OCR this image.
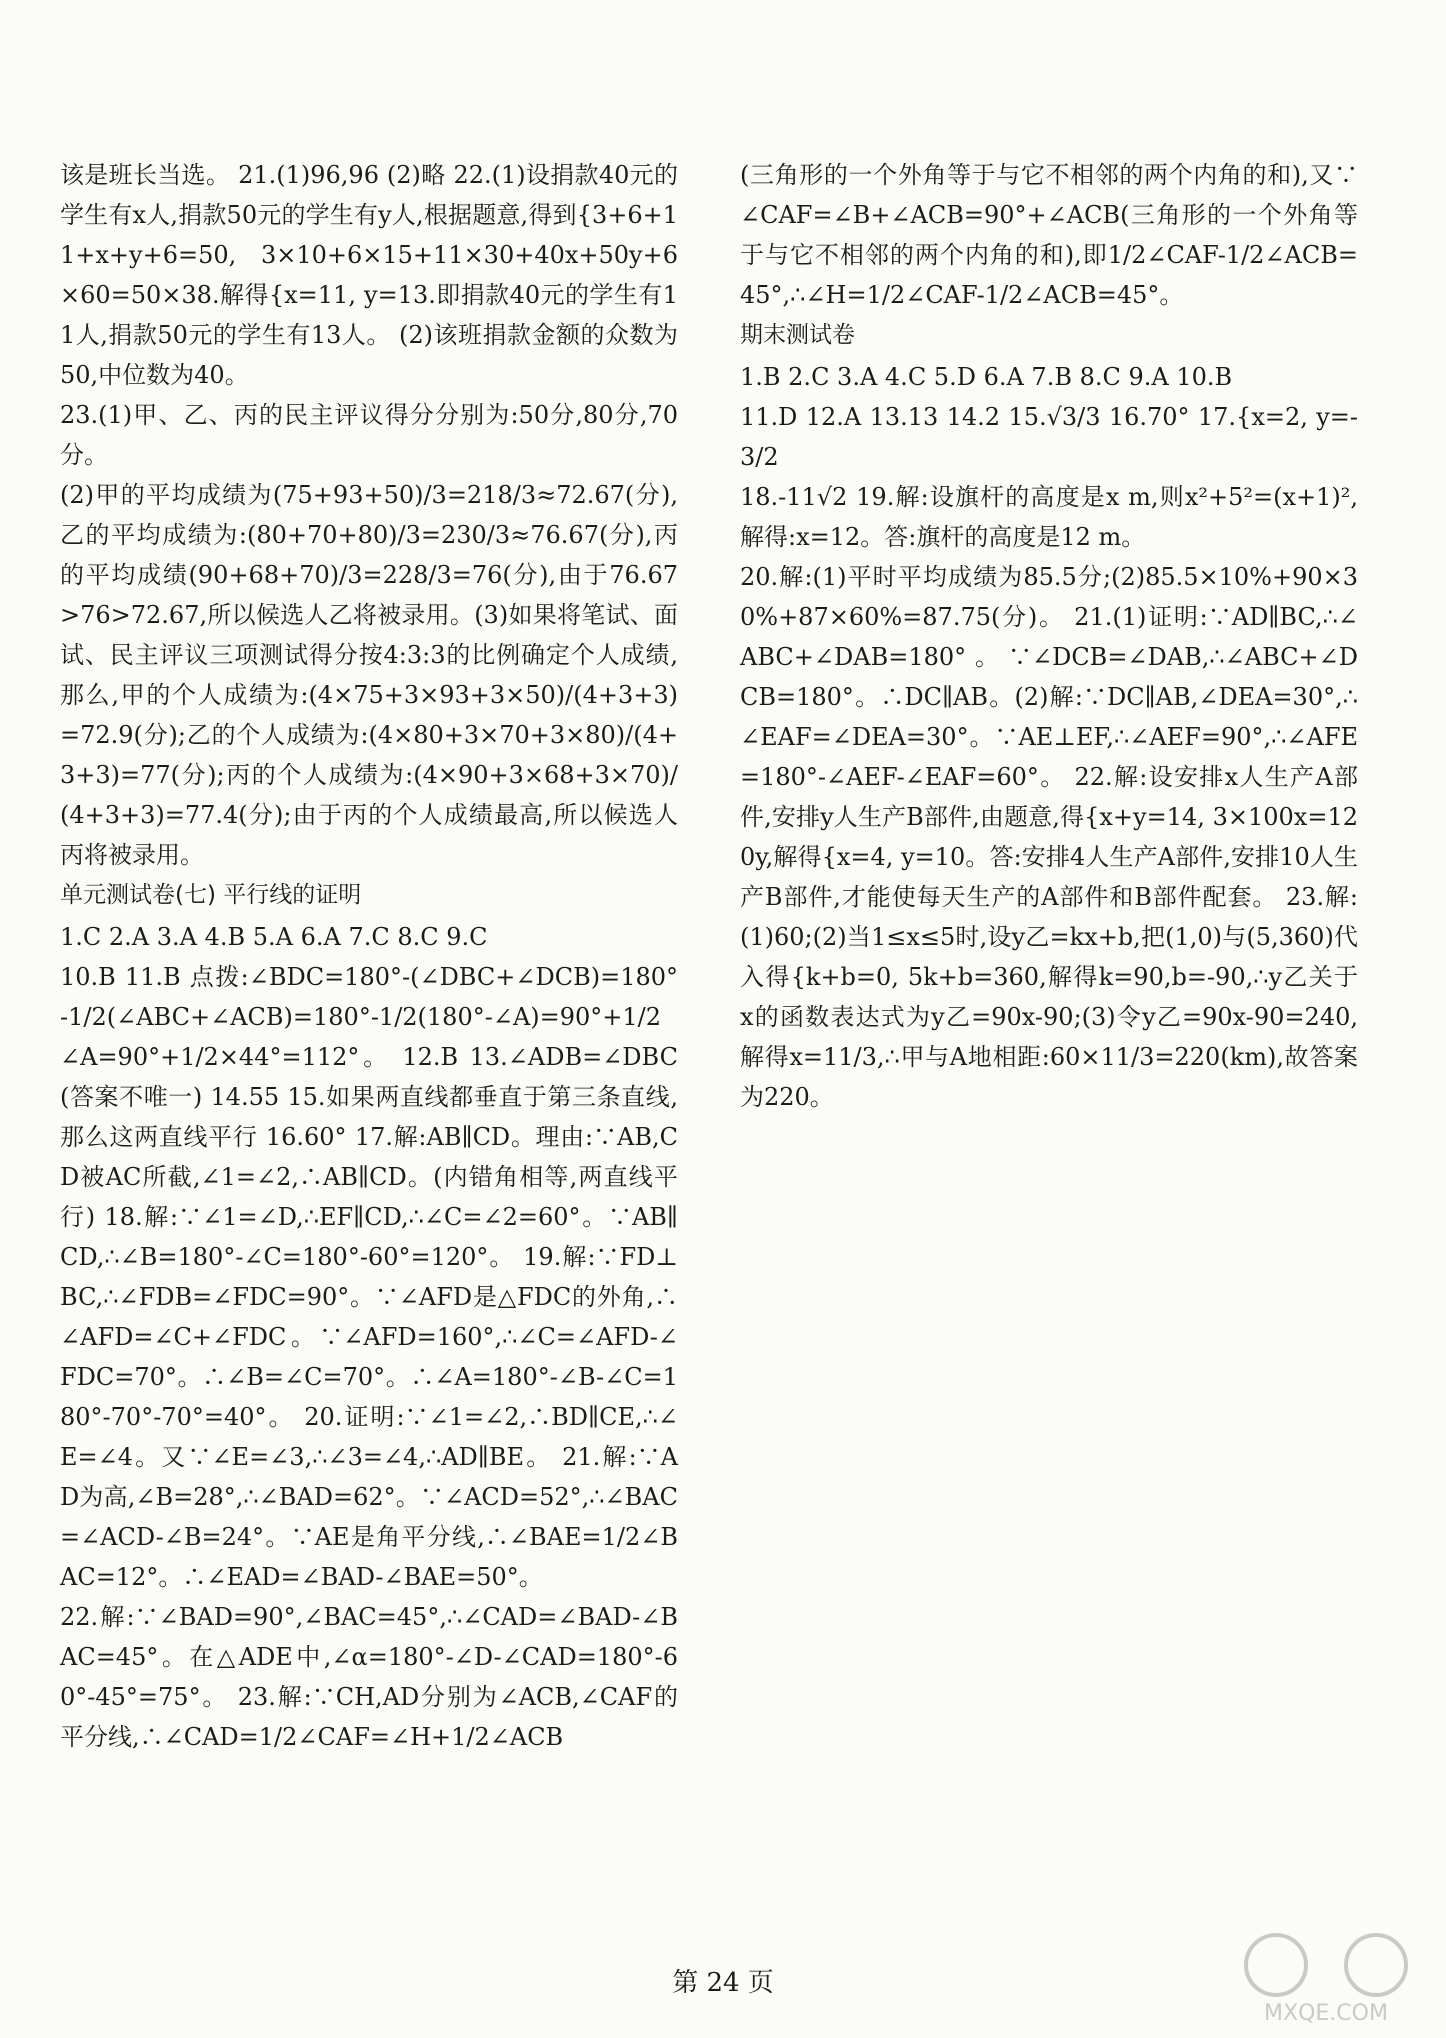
该是班长当选。 21.(1)96,96 (2)略 22.(1)设捐款40元的学生有x人,捐款50元的学生有y人,根据题意,得到{3+6+11+x+y+6=50, 3×10+6×15+11×30+40x+50y+6×60=50×38.解得{x=11, y=13.即捐款40元的学生有11人,捐款50元的学生有13人。 (2)该班捐款金额的众数为50,中位数为40。

23.(1)甲、乙、丙的民主评议得分分别为:50分,80分,70分。

(2)甲的平均成绩为(75+93+50)/3=218/3≈72.67(分),乙的平均成绩为:(80+70+80)/3=230/3≈76.67(分),丙的平均成绩(90+68+70)/3=228/3=76(分),由于76.67>76>72.67,所以候选人乙将被录用。(3)如果将笔试、面试、民主评议三项测试得分按4:3:3的比例确定个人成绩,那么,甲的个人成绩为:(4×75+3×93+3×50)/(4+3+3)=72.9(分);乙的个人成绩为:(4×80+3×70+3×80)/(4+3+3)=77(分);丙的个人成绩为:(4×90+3×68+3×70)/(4+3+3)=77.4(分);由于丙的个人成绩最高,所以候选人丙将被录用。

单元测试卷(七) 平行线的证明

1.C 2.A 3.A 4.B 5.A 6.A 7.C 8.C 9.C

10.B 11.B 点拨:∠BDC=180°-(∠DBC+∠DCB)=180°-1/2(∠ABC+∠ACB)=180°-1/2(180°-∠A)=90°+1/2∠A=90°+1/2×44°=112°。 12.B 13.∠ADB=∠DBC(答案不唯一) 14.55 15.如果两直线都垂直于第三条直线,那么这两直线平行 16.60° 17.解:AB∥CD。理由:∵AB,CD被AC所截,∠1=∠2,∴AB∥CD。(内错角相等,两直线平行) 18.解:∵∠1=∠D,∴EF∥CD,∴∠C=∠2=60°。∵AB∥CD,∴∠B=180°-∠C=180°-60°=120°。 19.解:∵FD⊥BC,∴∠FDB=∠FDC=90°。∵∠AFD是△FDC的外角,∴∠AFD=∠C+∠FDC。∵∠AFD=160°,∴∠C=∠AFD-∠FDC=70°。∴∠B=∠C=70°。∴∠A=180°-∠B-∠C=180°-70°-70°=40°。 20.证明:∵∠1=∠2,∴BD∥CE,∴∠E=∠4。又∵∠E=∠3,∴∠3=∠4,∴AD∥BE。 21.解:∵AD为高,∠B=28°,∴∠BAD=62°。∵∠ACD=52°,∴∠BAC=∠ACD-∠B=24°。∵AE是角平分线,∴∠BAE=1/2∠BAC=12°。∴∠EAD=∠BAD-∠BAE=50°。

22.解:∵∠BAD=90°,∠BAC=45°,∴∠CAD=∠BAD-∠BAC=45°。在△ADE中,∠α=180°-∠D-∠CAD=180°-60°-45°=75°。 23.解:∵CH,AD分别为∠ACB,∠CAF的平分线,∴∠CAD=1/2∠CAF=∠H+1/2∠ACB

(三角形的一个外角等于与它不相邻的两个内角的和),又∵∠CAF=∠B+∠ACB=90°+∠ACB(三角形的一个外角等于与它不相邻的两个内角的和),即1/2∠CAF-1/2∠ACB=45°,∴∠H=1/2∠CAF-1/2∠ACB=45°。

期末测试卷

1.B 2.C 3.A 4.C 5.D 6.A 7.B 8.C 9.A 10.B

11.D 12.A 13.13 14.2 15.√3/3 16.70° 17.{x=2, y=-3/2

18.-11√2 19.解:设旗杆的高度是x m,则x²+5²=(x+1)²,解得:x=12。答:旗杆的高度是12 m。

20.解:(1)平时平均成绩为85.5分;(2)85.5×10%+90×30%+87×60%=87.75(分)。 21.(1)证明:∵AD∥BC,∴∠ABC+∠DAB=180°。∵∠DCB=∠DAB,∴∠ABC+∠DCB=180°。∴DC∥AB。(2)解:∵DC∥AB,∠DEA=30°,∴∠EAF=∠DEA=30°。∵AE⊥EF,∴∠AEF=90°,∴∠AFE=180°-∠AEF-∠EAF=60°。 22.解:设安排x人生产A部件,安排y人生产B部件,由题意,得{x+y=14, 3×100x=120y,解得{x=4, y=10。答:安排4人生产A部件,安排10人生产B部件,才能使每天生产的A部件和B部件配套。 23.解:(1)60;(2)当1≤x≤5时,设y乙=kx+b,把(1,0)与(5,360)代入得{k+b=0, 5k+b=360,解得k=90,b=-90,∴y乙关于x的函数表达式为y乙=90x-90;(3)令y乙=90x-90=240,解得x=11/3,∴甲与A地相距:60×11/3=220(km),故答案为220。

第 24 页
MXQE.COM
